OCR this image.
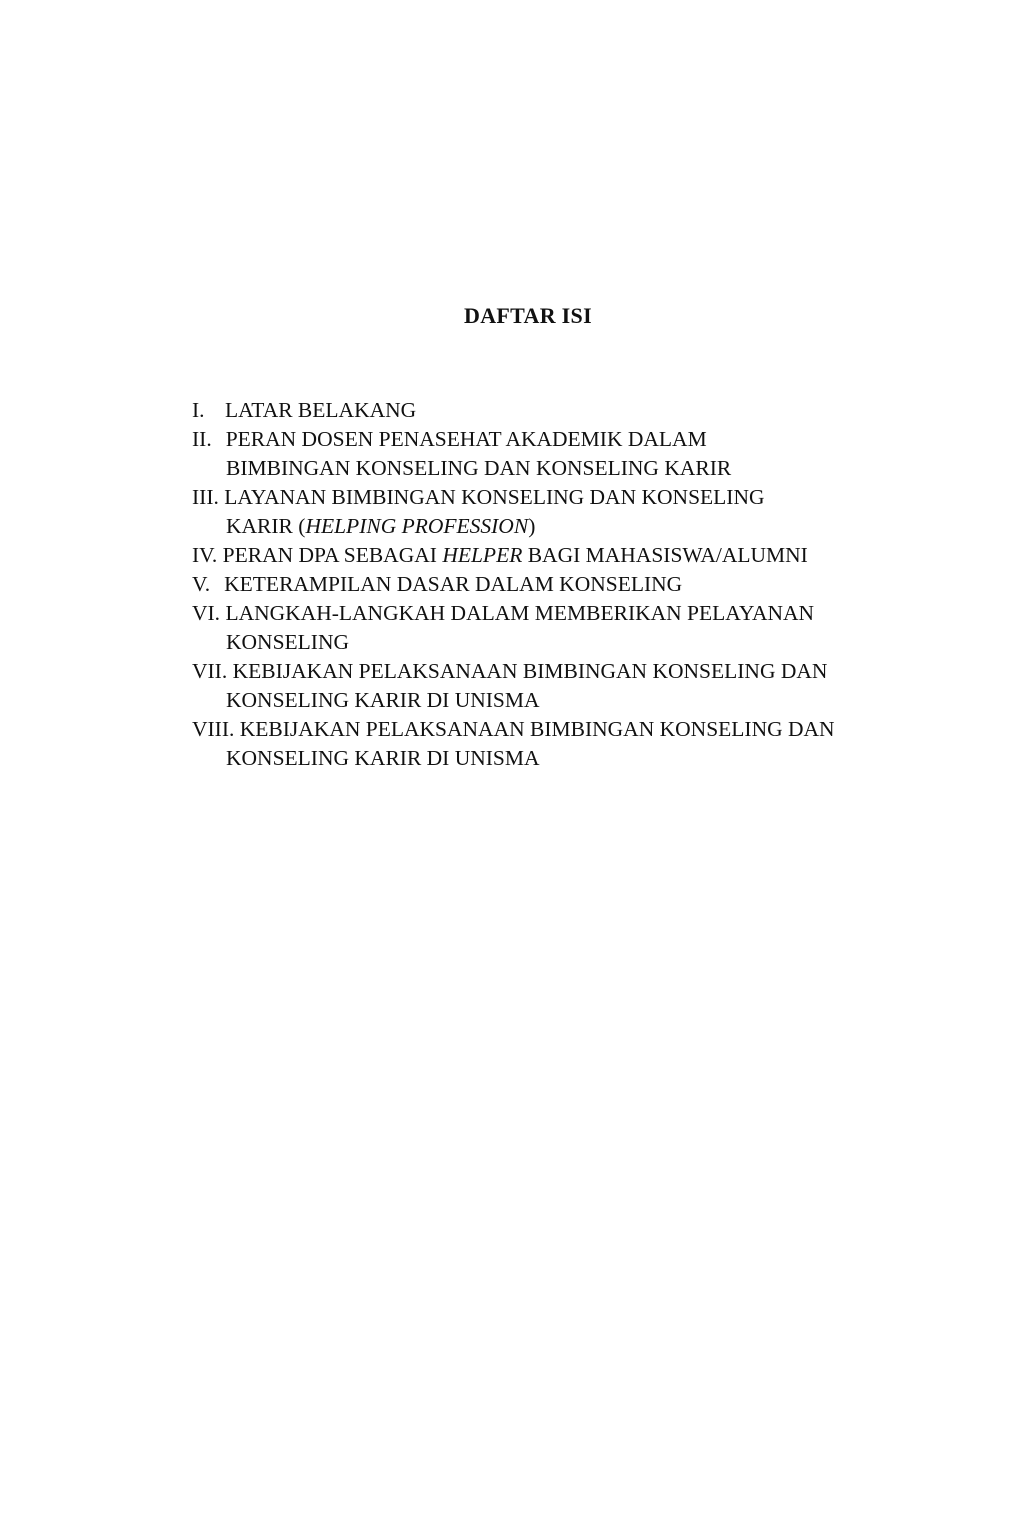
DAFTAR ISI
I. LATAR BELAKANG
II. PERAN DOSEN PENASEHAT AKADEMIK DALAM
BIMBINGAN KONSELING DAN KONSELING KARIR
III. LAYANAN BIMBINGAN KONSELING DAN KONSELING
KARIR (HELPING PROFESSION)
IV. PERAN DPA SEBAGAI HELPER BAGI MAHASISWA/ALUMNI
V. KETERAMPILAN DASAR DALAM KONSELING
VI. LANGKAH-LANGKAH DALAM MEMBERIKAN PELAYANAN
KONSELING
VII. KEBIJAKAN PELAKSANAAN BIMBINGAN KONSELING DAN
KONSELING KARIR DI UNISMA
VIII. KEBIJAKAN PELAKSANAAN BIMBINGAN KONSELING DAN
KONSELING KARIR DI UNISMA
